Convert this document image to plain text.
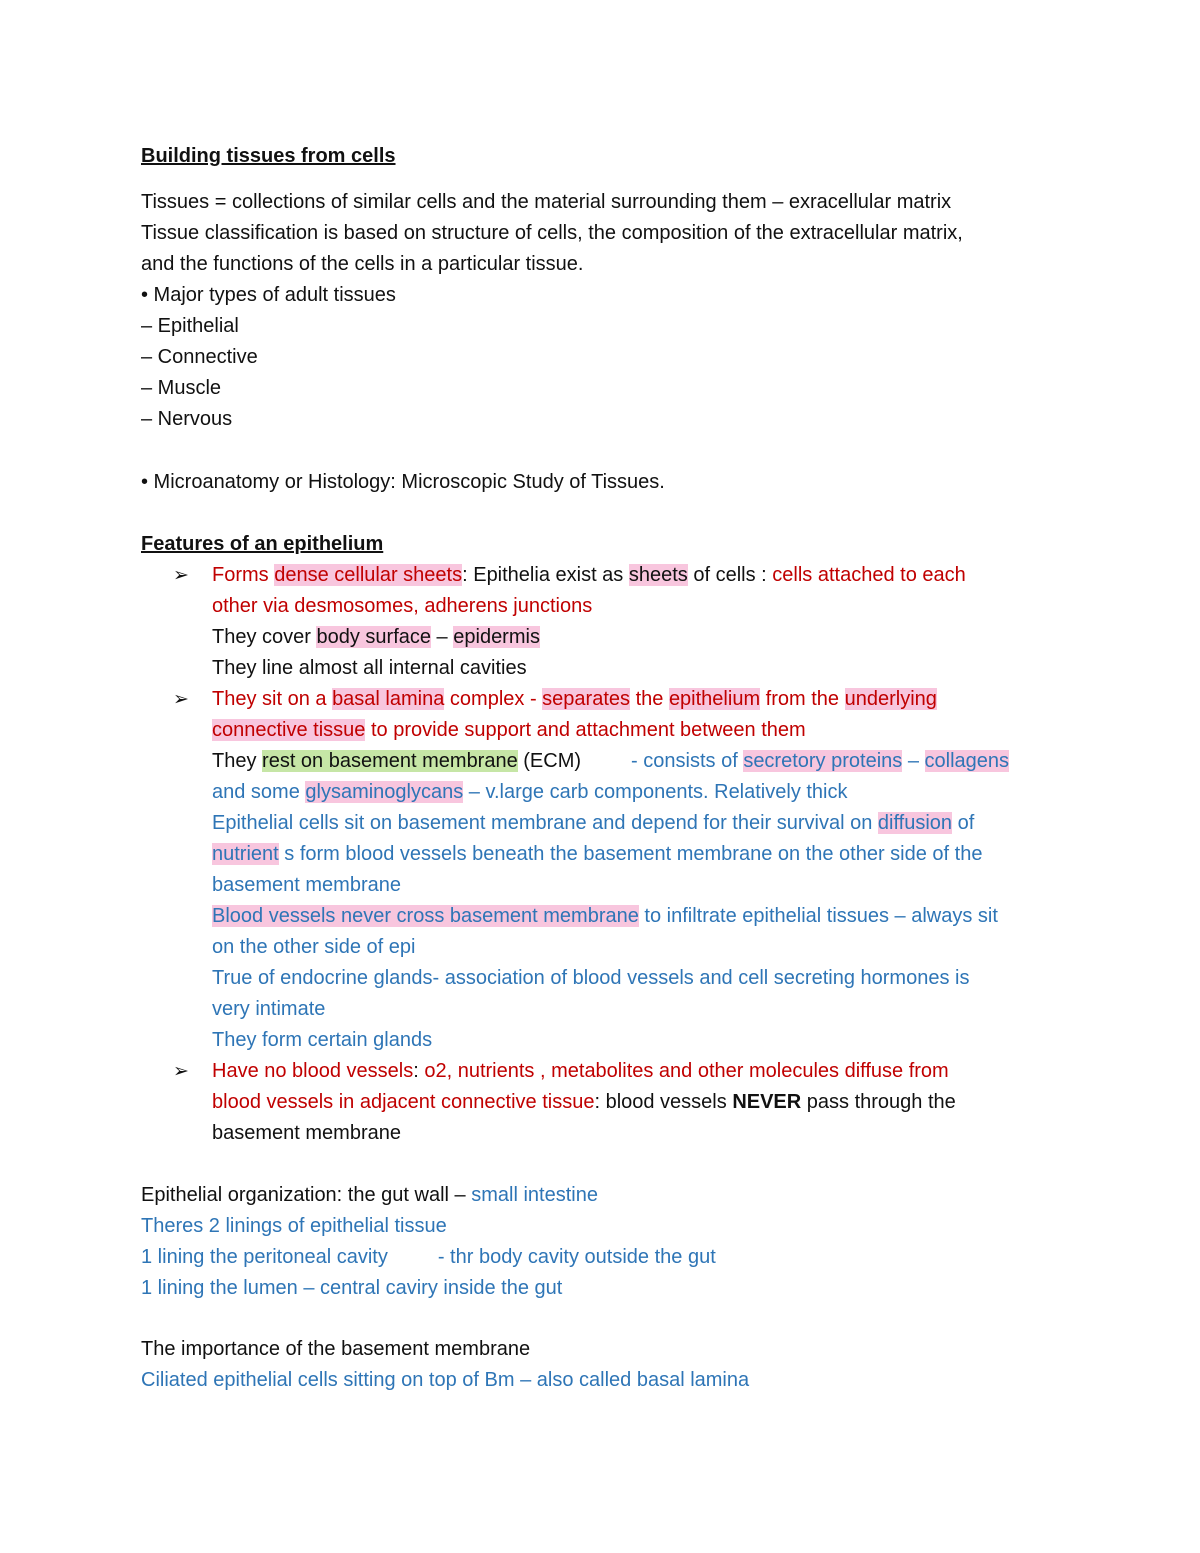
Building tissues from cells
Tissues = collections of similar cells and the material surrounding them – exracellular matrix
Tissue classification is based on structure of cells, the composition of the extracellular matrix,
and the functions of the cells in a particular tissue.
• Major types of adult tissues
– Epithelial
– Connective
– Muscle
– Nervous
• Microanatomy or Histology: Microscopic Study of Tissues.
Features of an epithelium
➢ Forms dense cellular sheets: Epithelia exist as sheets of cells : cells attached to each
other via desmosomes, adherens junctions
They cover body surface – epidermis
They line almost all internal cavities
➢ They sit on a basal lamina complex - separates the epithelium from the underlying
connective tissue to provide support and attachment between them
They rest on basement membrane (ECM)	- consists of secretory proteins – collagens
and some glysaminoglycans – v.large carb components. Relatively thick
Epithelial cells sit on basement membrane and depend for their survival on diffusion of
nutrient s form blood vessels beneath the basement membrane on the other side of the
basement membrane
Blood vessels never cross basement membrane to infiltrate epithelial tissues – always sit
on the other side of epi
True of endocrine glands- association of blood vessels and cell secreting hormones is
very intimate
They form certain glands
➢ Have no blood vessels: o2, nutrients , metabolites and other molecules diffuse from
blood vessels in adjacent connective tissue: blood vessels NEVER pass through the
basement membrane
Epithelial organization: the gut wall – small intestine
Theres 2 linings of epithelial tissue
1 lining the peritoneal cavity	- thr body cavity outside the gut
1 lining the lumen – central caviry inside the gut
The importance of the basement membrane
Ciliated epithelial cells sitting on top of Bm – also called basal lamina
